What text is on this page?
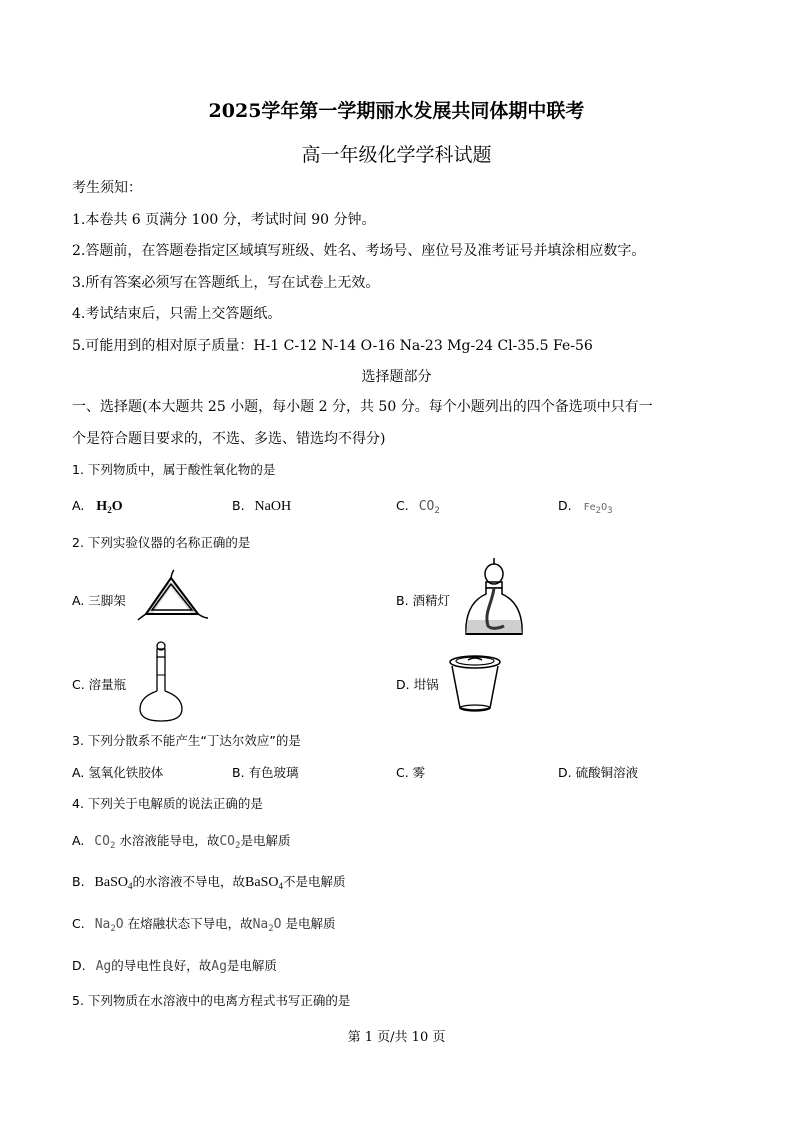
2025学年第一学期丽水发展共同体期中联考
高一年级化学学科试题
考生须知：
1.本卷共 6 页满分 100 分，考试时间 90 分钟。
2.答题前，在答题卷指定区域填写班级、姓名、考场号、座位号及准考证号并填涂相应数字。
3.所有答案必须写在答题纸上，写在试卷上无效。
4.考试结束后，只需上交答题纸。
5.可能用到的相对原子质量：H-1 C-12 N-14 O-16 Na-23 Mg-24 Cl-35.5 Fe-56
选择题部分
一、选择题(本大题共 25 小题，每小题 2 分，共 50 分。每个小题列出的四个备选项中只有一
个是符合题目要求的，不选、多选、错选均不得分)
1. 下列物质中，属于酸性氧化物的是
A. $H_2O$	B. NaOH	C. $CO_2$	D. $Fe_2O_3$
2. 下列实验仪器的名称正确的是
A. 三脚架	B. 酒精灯
C. 溶量瓶	D. 坩锅
3. 下列分散系不能产生“丁达尔效应”的是
A. 氢氧化铁胶体	B. 有色玻璃	C. 雾	D. 硫酸铜溶液
4. 下列关于电解质的说法正确的是
A. $CO_2$ 水溶液能导电，故$CO_2$是电解质
B. BaSO$_4$的水溶液不导电，故BaSO$_4$不是电解质
C. $Na_2O$ 在熔融状态下导电，故$Na_2O$ 是电解质
D. Ag的导电性良好，故Ag是电解质
5. 下列物质在水溶液中的电离方程式书写正确的是
第 1 页/共 10 页
